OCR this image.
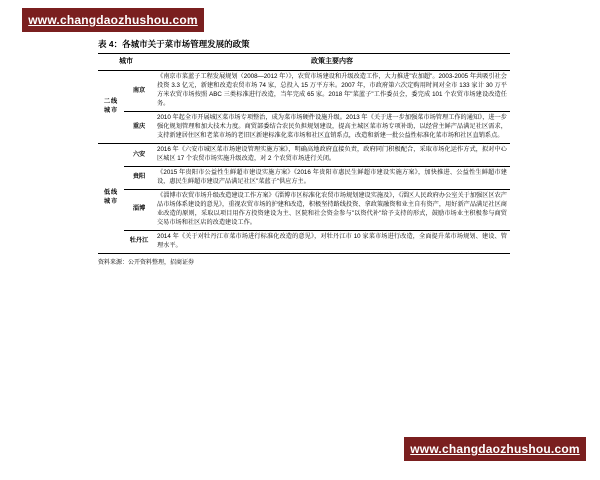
www.changdaozhushou.com
www.changdaozhushou.com
表 4：各城市关于菜市场管理发展的政策
城市		政策主要内容
二线城市	南京	《南京市菜蓝子工程发展规划（2008—2012 年）》，农贸市场建设和升级改造工作，大力推进"农加超"。2003-2005 年共吸引社会投资 3.3 亿元，新建和改造农贸市场 74 家，总投入 15 万平方米。2007 年，市政府第六次定购用时间对全市 133 家计 30 万平方米农贸市场按照 ABC 三类标准进行改造，当年完成 65 家。2018 年"菜蓝子"工作委员会，委完成 101 个农贸市场建设改造任务。
	重庆	2010 年起全市开展城区菜市场专项整治，成为菜市场硬件设施升级。2013 年《关于进一步加强菜市场管理工作的通知》，进一步强化规划管理和加大技术力度。商贸部委结合农民负担规划建设，提高主城区菜市场专项补助，以经营主鲜产品满足社区需求，支持新建居住区和老菜市场的老旧区新建标准化菜市场和社区直销系点，改造和新建一批公益性标准化菜市场和社区直销系点。
低线城市	六安	2016 年《六安市城区菜市场建设管理实施方案》，明确高地政府直接负责，政府同门积极配合，采取市场化运作方式，拟对中心区城区 17 个农贸市场实施升级改造，对 2 个农贸市场进行关闭。
	贵阳	《2015 年贵阳市公益性生鲜超市建设实施方案》《2016 年贵阳市惠民生鲜超市建设实施方案》，加快推进、公益性生鲜超市建设，惠民生鲜超市建设产品满足社区"菜蓝子"供应方主。
	淄博	《淄博市农贸市场升级改造建设工作方案》《淄博市区标准化农贸市场规划建设实施及》，《淄区人民政府办公室关于加强区区农产品市场体系建设的意见》，重视农贸市场的护建和改造，积极坚持路线投资、拿政策融资和业主自有资产，用好新产品满足社区商业改造的原则，采取以项目用作方投资建设为主、区院和社会资金参与"以资代补"给予支持的形式，鼓励市场业主积极参与商贸交易市场和社区店的改造建设工作。
	牡丹江	2014 年《关于对牡丹江市菜市场进行标准化改造的意见》，对牡丹江市 10 家菜市场进行改造，全面提升菜市场规划、建设、管理水平。
资料来源：公开资料整理，招商证券
